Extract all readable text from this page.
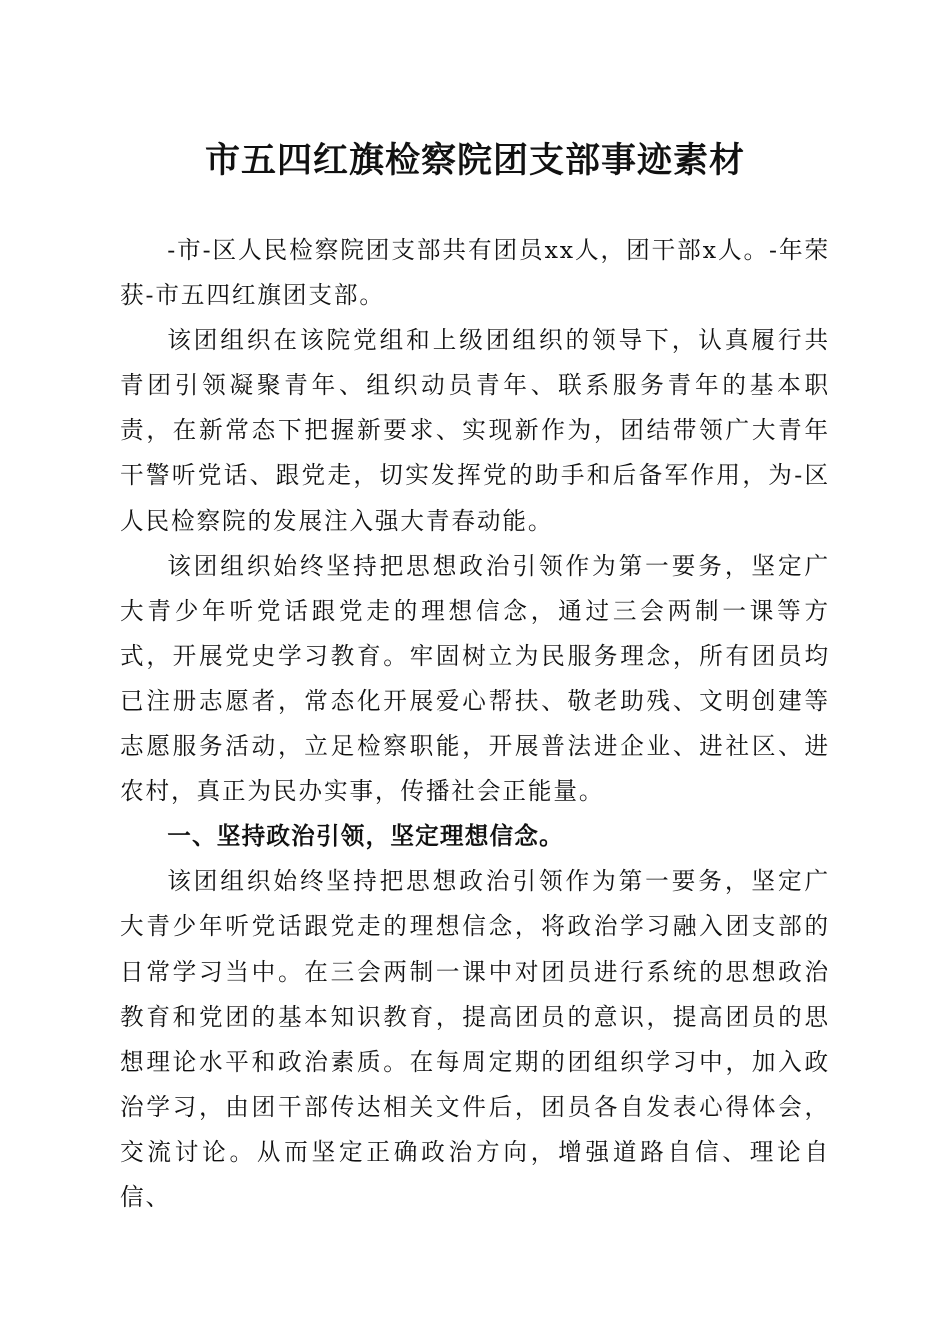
市五四红旗检察院团支部事迹素材

-市-区人民检察院团支部共有团员xx人，团干部x人。-年荣获-市五四红旗团支部。

该团组织在该院党组和上级团组织的领导下，认真履行共青团引领凝聚青年、组织动员青年、联系服务青年的基本职责，在新常态下把握新要求、实现新作为，团结带领广大青年干警听党话、跟党走，切实发挥党的助手和后备军作用，为-区人民检察院的发展注入强大青春动能。

该团组织始终坚持把思想政治引领作为第一要务，坚定广大青少年听党话跟党走的理想信念，通过三会两制一课等方式，开展党史学习教育。牢固树立为民服务理念，所有团员均已注册志愿者，常态化开展爱心帮扶、敬老助残、文明创建等志愿服务活动，立足检察职能，开展普法进企业、进社区、进农村，真正为民办实事，传播社会正能量。

一、坚持政治引领，坚定理想信念。

该团组织始终坚持把思想政治引领作为第一要务，坚定广大青少年听党话跟党走的理想信念，将政治学习融入团支部的日常学习当中。在三会两制一课中对团员进行系统的思想政治教育和党团的基本知识教育，提高团员的意识，提高团员的思想理论水平和政治素质。在每周定期的团组织学习中，加入政治学习，由团干部传达相关文件后，团员各自发表心得体会，交流讨论。从而坚定正确政治方向，增强道路自信、理论自信、
